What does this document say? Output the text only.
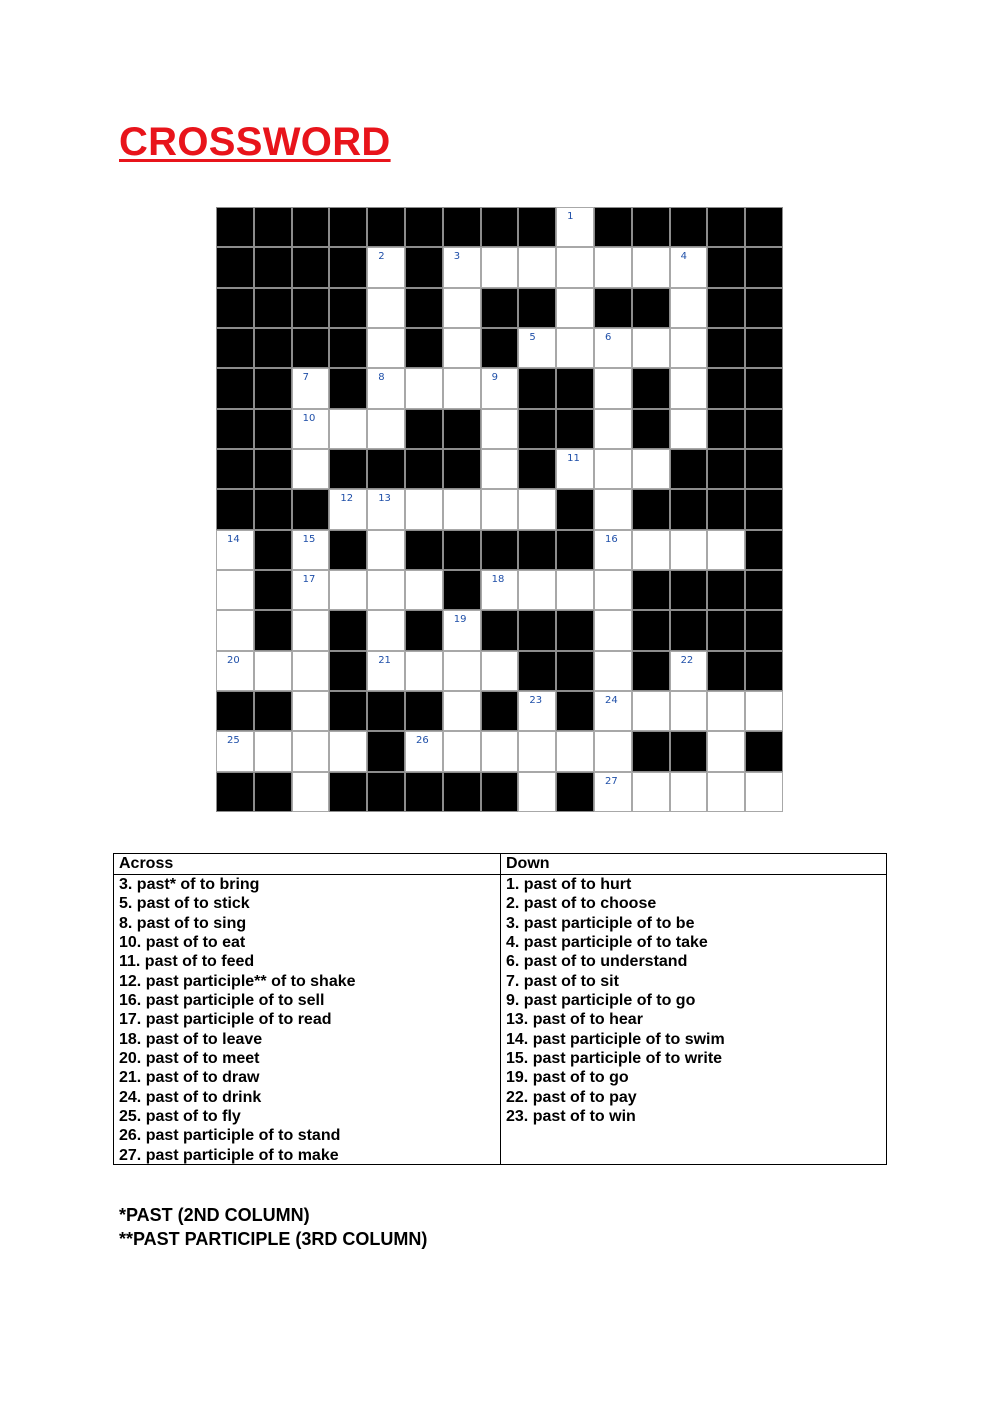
CROSSWORD
1
2	3	4
5	6
7	8	9
10
11
12	13
14	15	16
17	18
19
20	21	22
23	24
25	26
27
Across
3. past* of to bring
5. past of to stick
8. past of to sing
10. past of to eat
11. past of to feed
12. past participle** of to shake
16. past participle of to sell
17. past participle of to read
18. past of to leave
20. past of to meet
21. past of to draw
24. past of to drink
25. past of to fly
26. past participle of to stand
27. past participle of to make
Down
1. past of to hurt
2. past of to choose
3. past participle of to be
4. past participle of to take
6. past of to understand
7. past of to sit
9. past participle of to go
13. past of to hear
14. past participle of to swim
15. past participle of to write
19. past of to go
22. past of to pay
23. past of to win
*PAST (2ND COLUMN)
**PAST PARTICIPLE (3RD COLUMN)
